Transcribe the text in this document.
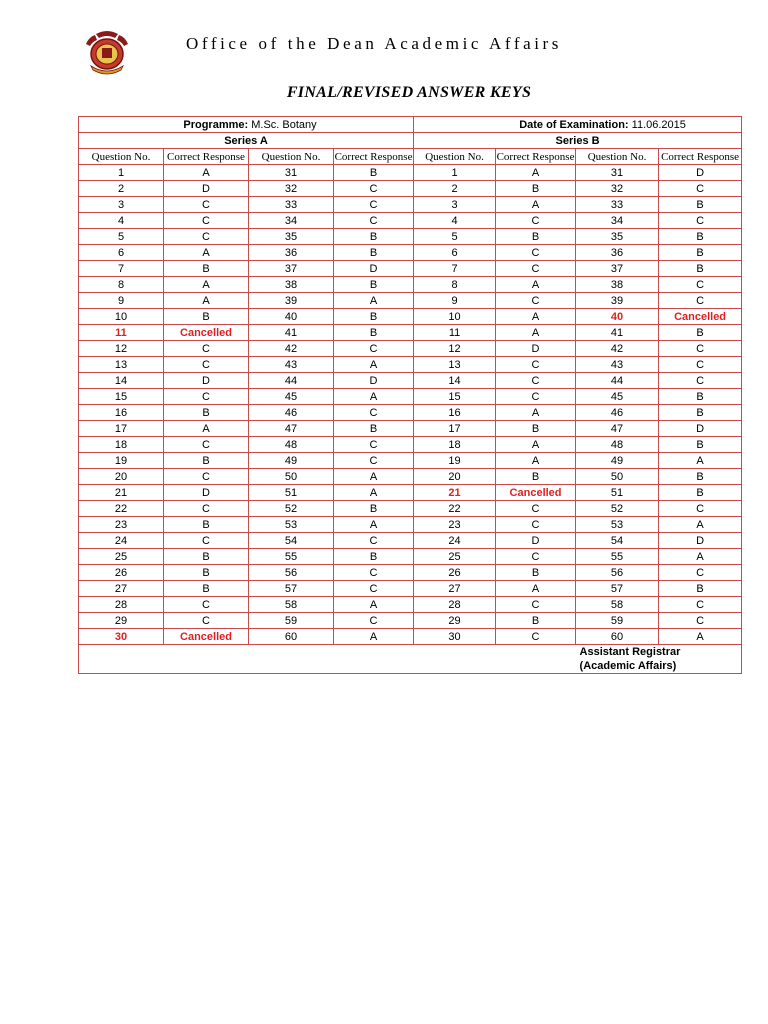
Office of the Dean Academic Affairs
FINAL/REVISED ANSWER KEYS
Programme: M.Sc. Botany				Date of Examination: 11.06.2015			
Series A				Series B			
Question No.	Correct Response	Question No.	Correct Response	Question No.	Correct Response	Question No.	Correct Response
1	A	31	B	1	A	31	D
2	D	32	C	2	B	32	C
3	C	33	C	3	A	33	B
4	C	34	C	4	C	34	C
5	C	35	B	5	B	35	B
6	A	36	B	6	C	36	B
7	B	37	D	7	C	37	B
8	A	38	B	8	A	38	C
9	A	39	A	9	C	39	C
10	B	40	B	10	A	40	Cancelled
11	Cancelled	41	B	11	A	41	B
12	C	42	C	12	D	42	C
13	C	43	A	13	C	43	C
14	D	44	D	14	C	44	C
15	C	45	A	15	C	45	B
16	B	46	C	16	A	46	B
17	A	47	B	17	B	47	D
18	C	48	C	18	A	48	B
19	B	49	C	19	A	49	A
20	C	50	A	20	B	50	B
21	D	51	A	21	Cancelled	51	B
22	C	52	B	22	C	52	C
23	B	53	A	23	C	53	A
24	C	54	C	24	D	54	D
25	B	55	B	25	C	55	A
26	B	56	C	26	B	56	C
27	B	57	C	27	A	57	B
28	C	58	A	28	C	58	C
29	C	59	C	29	B	59	C
30	Cancelled	60	A	30	C	60	A

						Assistant Registrar
(Academic Affairs)	
